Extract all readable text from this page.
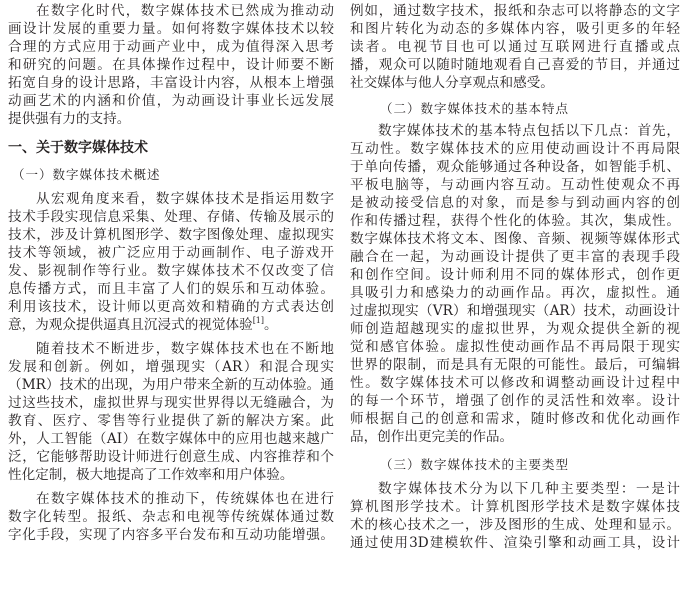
在数字化时代，数字媒体技术已然成为推动动
画设计发展的重要力量。如何将数字媒体技术以较
合理的方式应用于动画产业中，成为值得深入思考
和研究的问题。在具体操作过程中，设计师要不断
拓宽自身的设计思路，丰富设计内容，从根本上增强
动画艺术的内涵和价值，为动画设计事业长远发展
提供强有力的支持。
一、关于数字媒体技术
（一）数字媒体技术概述
从宏观角度来看，数字媒体技术是指运用数字
技术手段实现信息采集、处理、存储、传输及展示的
技术，涉及计算机图形学、数字图像处理、虚拟现实
技术等领域，被广泛应用于动画制作、电子游戏开
发、影视制作等行业。数字媒体技术不仅改变了信
息传播方式，而且丰富了人们的娱乐和互动体验。
利用该技术，设计师以更高效和精确的方式表达创
意，为观众提供逼真且沉浸式的视觉体验[1]。
随着技术不断进步，数字媒体技术也在不断地
发展和创新。例如，增强现实（AR）和混合现实
（MR）技术的出现，为用户带来全新的互动体验。通
过这些技术，虚拟世界与现实世界得以无缝融合，为
教育、医疗、零售等行业提供了新的解决方案。此
外，人工智能（AI）在数字媒体中的应用也越来越广
泛，它能够帮助设计师进行创意生成、内容推荐和个
性化定制，极大地提高了工作效率和用户体验。
在数字媒体技术的推动下，传统媒体也在进行
数字化转型。报纸、杂志和电视等传统媒体通过数
字化手段，实现了内容多平台发布和互动功能增强。
例如，通过数字技术，报纸和杂志可以将静态的文字
和图片转化为动态的多媒体内容，吸引更多的年轻
读者。电视节目也可以通过互联网进行直播或点
播，观众可以随时随地观看自己喜爱的节目，并通过
社交媒体与他人分享观点和感受。
（二）数字媒体技术的基本特点
数字媒体技术的基本特点包括以下几点：首先，
互动性。数字媒体技术的应用使动画设计不再局限
于单向传播，观众能够通过各种设备，如智能手机、
平板电脑等，与动画内容互动。互动性使观众不再
是被动接受信息的对象，而是参与到动画内容的创
作和传播过程，获得个性化的体验。其次，集成性。
数字媒体技术将文本、图像、音频、视频等媒体形式
融合在一起，为动画设计提供了更丰富的表现手段
和创作空间。设计师利用不同的媒体形式，创作更
具吸引力和感染力的动画作品。再次，虚拟性。通
过虚拟现实（VR）和增强现实（AR）技术，动画设计
师创造超越现实的虚拟世界，为观众提供全新的视
觉和感官体验。虚拟性使动画作品不再局限于现实
世界的限制，而是具有无限的可能性。最后，可编辑
性。数字媒体技术可以修改和调整动画设计过程中
的每一个环节，增强了创作的灵活性和效率。设计
师根据自己的创意和需求，随时修改和优化动画作
品，创作出更完美的作品。
（三）数字媒体技术的主要类型
数字媒体技术分为以下几种主要类型：一是计
算机图形学技术。计算机图形学技术是数字媒体技
术的核心技术之一，涉及图形的生成、处理和显示。
通过使用3D建模软件、渲染引擎和动画工具，设计
